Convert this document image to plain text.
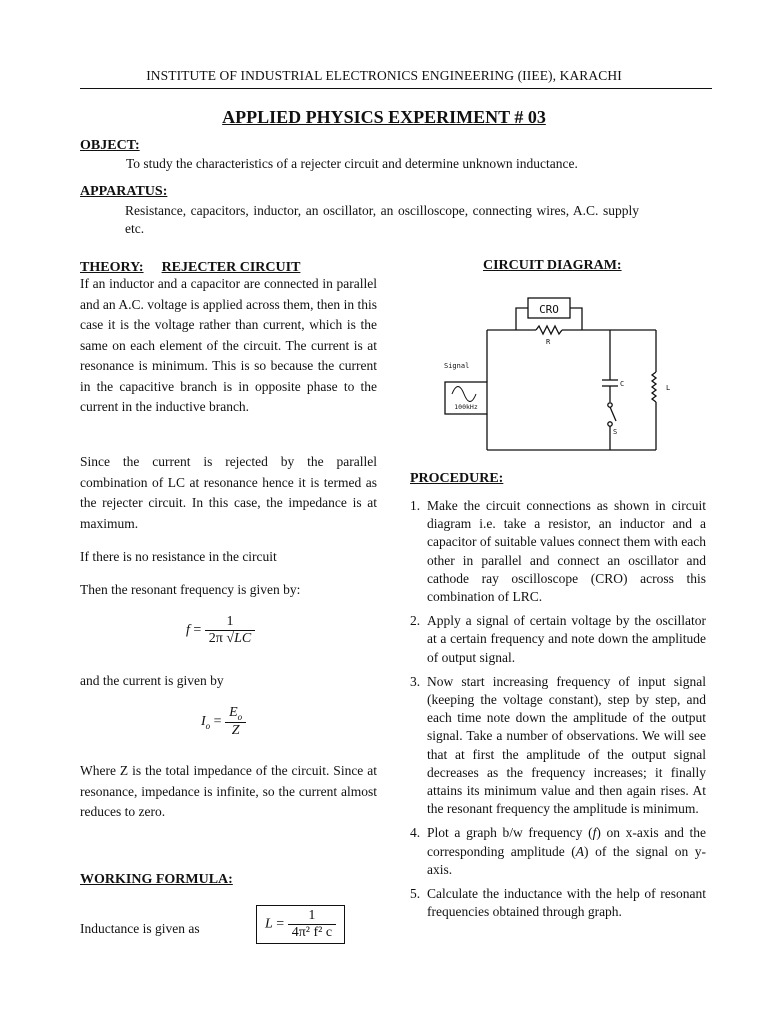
INSTITUTE OF INDUSTRIAL ELECTRONICS ENGINEERING (IIEE), KARACHI
APPLIED PHYSICS EXPERIMENT # 03
OBJECT:
To study the characteristics of a rejecter circuit and determine unknown inductance.
APPARATUS:
Resistance, capacitors, inductor, an oscillator, an oscilloscope, connecting wires, A.C. supply etc.
THEORY: REJECTER CIRCUIT
If an inductor and a capacitor are connected in parallel and an A.C. voltage is applied across them, then in this case it is the voltage rather than current, which is the same on each element of the circuit. The current is at resonance is minimum. This is so because the current in the capacitive branch is in opposite phase to the current in the inductive branch.
Since the current is rejected by the parallel combination of LC at resonance hence it is termed as the rejecter circuit. In this case, the impedance is at maximum.
If there is no resistance in the circuit
Then the resonant frequency is given by:
$f = \frac{1}{2\pi √LC}$
and the current is given by
$I_o = \frac{E_o}{Z}$
Where Z is the total impedance of the circuit. Since at resonance, impedance is infinite, so the current almost reduces to zero.
WORKING FORMULA:
Inductance is given as	$L = \frac{1}{\text{4π² f² c}}$
CIRCUIT DIAGRAM:
CRO
R
C	L
S
Signal
100kHz
PROCEDURE:
1. Make the circuit connections as shown in circuit diagram i.e. take a resistor, an inductor and a capacitor of suitable values connect them with each other in parallel and connect an oscillator and cathode ray oscilloscope (CRO) across this combination of LRC.
2. Apply a signal of certain voltage by the oscillator at a certain frequency and note down the amplitude of output signal.
3. Now start increasing frequency of input signal (keeping the voltage constant), step by step, and each time note down the amplitude of the output signal. Take a number of observations. We will see that at first the amplitude of the output signal decreases as the frequency increases; it finally attains its minimum value and then again rises. At the resonant frequency the amplitude is minimum.
4. Plot a graph b/w frequency (f) on x-axis and the corresponding amplitude (A) of the signal on y-axis.
5. Calculate the inductance with the help of resonant frequencies obtained through graph.
